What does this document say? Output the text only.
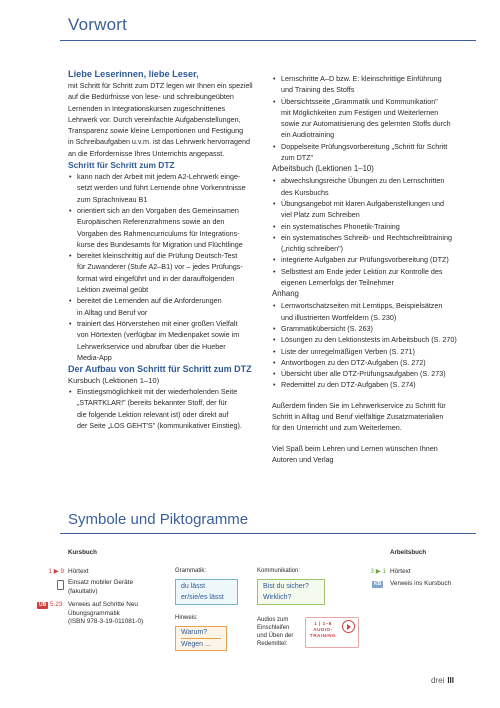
Vorwort

Liebe Leserinnen, liebe Leser,

mit Schritt für Schritt zum DTZ legen wir Ihnen ein speziell

auf die Bedürfnisse von lese- und schreibungeübten

Lernenden in Integrationskursen zugeschnittenes

Lehrwerk vor. Durch vereinfachte Aufgabenstellungen,

Transparenz sowie kleine Lernportionen und Festigung

in Schreibaufgaben u.v.m. ist das Lehrwerk hervorragend

an die Erfordernisse Ihres Unterrichts angepasst.

Schritt für Schritt zum DTZ

• kann nach der Arbeit mit jedem A2-Lehrwerk einge-

setzt werden und führt Lernende ohne Vorkenntnisse

zum Sprachniveau B1

• orientiert sich an den Vorgaben des Gemeinsamen

Europäischen Referenzrahmens sowie an den

Vorgaben des Rahmencurriculums für Integrations-

kurse des Bundesamts für Migration und Flüchtlinge

• bereitet kleinschrittig auf die Prüfung Deutsch-Test

für Zuwanderer (Stufe A2–B1) vor – jedes Prüfungs-

format wird eingeführt und in der darauffolgenden

Lektion zweimal geübt

• bereitet die Lernenden auf die Anforderungen

in Alltag und Beruf vor

• trainiert das Hörverstehen mit einer großen Vielfalt

von Hörtexten (verfügbar im Medienpaket sowie im

Lehrwerkservice und abrufbar über die Hueber

Media-App

Der Aufbau von Schritt für Schritt zum DTZ

Kursbuch (Lektionen 1–10)

• Einstiegsmöglichkeit mit der wiederholenden Seite

„STARTKLAR!" (bereits bekannter Stoff, der für

die folgende Lektion relevant ist) oder direkt auf

der Seite „LOS GEHT'S" (kommunikativer Einstieg).

• Lernschritte A–D bzw. E: kleinschrittige Einführung

und Training des Stoffs

• Übersichtsseite „Grammatik und Kommunikation"

mit Möglichkeiten zum Festigen und Weiterlernen

sowie zur Automatisierung des gelernten Stoffs durch

ein Audiotraining

• Doppelseite Prüfungsvorbereitung „Schritt für Schritt

zum DTZ"

Arbeitsbuch (Lektionen 1–10)

• abwechslungsreiche Übungen zu den Lernschritten

des Kursbuchs

• Übungsangebot mit klaren Aufgabenstellungen und

viel Platz zum Schreiben

• ein systematisches Phonetik-Training

• ein systematisches Schreib- und Rechtschreibtraining

(„richtig schreiben")

• integrierte Aufgaben zur Prüfungsvorbereitung (DTZ)

• Selbsttest am Ende jeder Lektion zur Kontrolle des

eigenen Lernerfolgs der Teilnehmer

Anhang

• Lernwortschatzseiten mit Lerntipps, Beispielsätzen

und illustrierten Wortfeldern (S. 230)

• Grammatikübersicht (S. 263)

• Lösungen zu den Lektionstests im Arbeitsbuch (S. 270)

• Liste der unregelmäßigen Verben (S. 271)

• Antwortbogen zu den DTZ-Aufgaben (S. 272)

• Übersicht über alle DTZ-Prüfungsaufgaben (S. 273)

• Redemittel zu den DTZ-Aufgaben (S. 274)

Außerdem finden Sie im Lehrwerkservice zu Schritt für

Schritt in Alltag und Beruf vielfältige Zusatzmaterialien

für den Unterricht und zum Weiterlernen.

Viel Spaß beim Lehren und Lernen wünschen Ihnen

Autoren und Verlag

Symbole und Piktogramme
Kursbuch	Arbeitsbuch
1 ▶ 9 Hörtext
Einsatz mobiler Geräte
(fakultativ)
ÜB 5.23 Verweis auf Schritte Neu
Übungsgrammatik
(ISBN 978-3-19-011081-0)
Grammatik:
du lässt
er/sie/es lässt
Hinweis:
Warum?
Wegen ...
Kommunikation:
Bist du sicher?
Wirklich?
Audios zum
Einschleifen
und Üben der
Redemittel:
1 | 1–8
AUDIO-
TRAINING
3 ▶ 1 Hörtext
KB	Verweis ins Kursbuch
drei III
